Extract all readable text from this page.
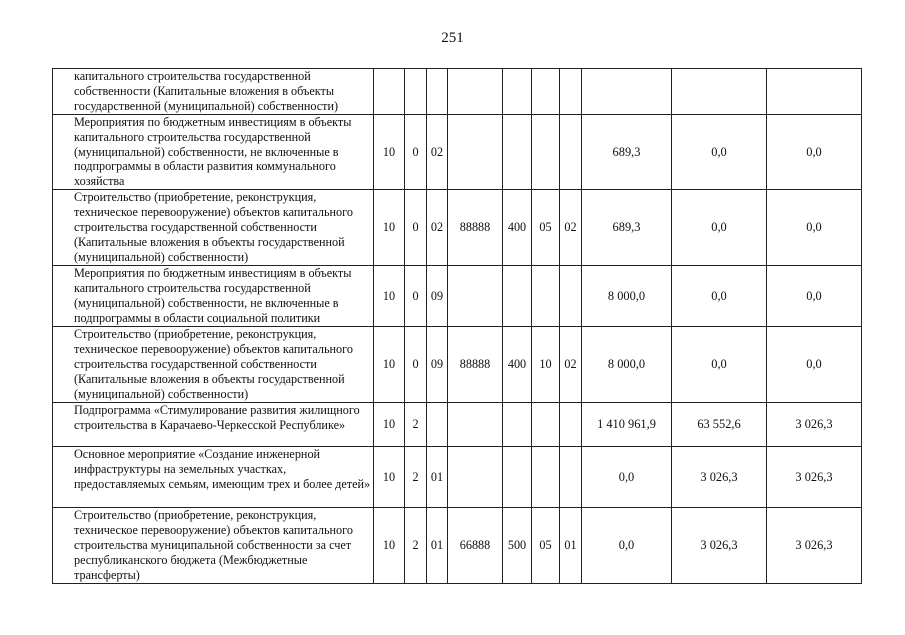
251
капитального строительства государственной собственности (Капитальные вложения в объекты государственной (муниципальной) собственности)										
Мероприятия по бюджетным инвестициям в объекты капитального строительства государственной (муниципальной) собственности, не включенные в подпрограммы в области развития коммунального хозяйства	10	0	02					689,3	0,0	0,0
Строительство (приобретение, реконструкция, техническое перевооружение) объектов капитального строительства государственной собственности (Капитальные вложения в объекты государственной (муниципальной) собственности)	10	0	02	88888	400	05	02	689,3	0,0	0,0
Мероприятия по бюджетным инвестициям в объекты капитального строительства государственной (муниципальной) собственности, не включенные в подпрограммы в области социальной политики	10	0	09					8 000,0	0,0	0,0
Строительство (приобретение, реконструкция, техническое перевооружение) объектов капитального строительства государственной собственности (Капитальные вложения в объекты государственной (муниципальной) собственности)	10	0	09	88888	400	10	02	8 000,0	0,0	0,0
Подпрограмма «Стимулирование развития жилищного строительства в Карачаево-Черкесской Республике»	10	2						1 410 961,9	63 552,6	3 026,3
Основное мероприятие «Создание инженерной инфраструктуры на земельных участках, предоставляемых семьям, имеющим трех и более детей»	10	2	01					0,0	3 026,3	3 026,3
Строительство (приобретение, реконструкция, техническое перевооружение) объектов капитального строительства муниципальной собственности за счет республиканского бюджета (Межбюджетные трансферты)	10	2	01	66888	500	05	01	0,0	3 026,3	3 026,3
